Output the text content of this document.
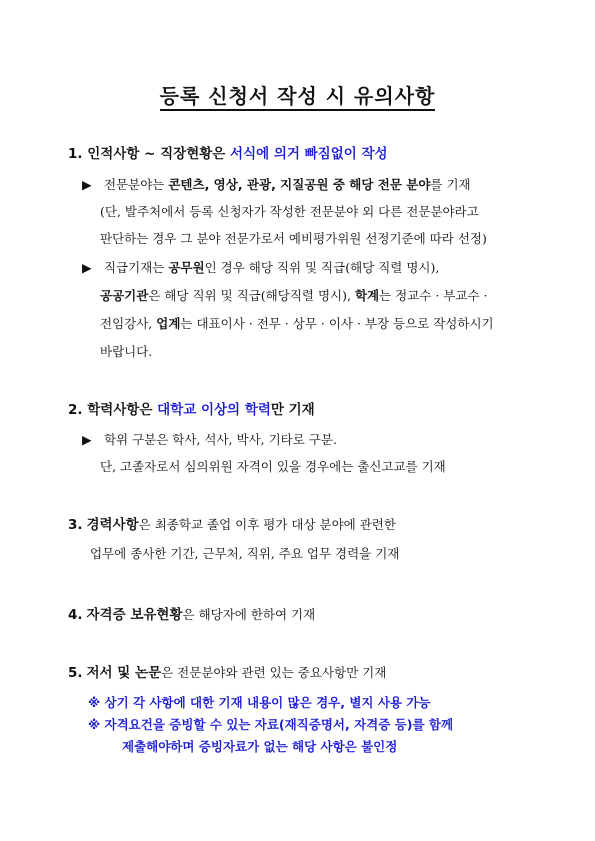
등록 신청서 작성 시 유의사항
1. 인적사항 ~ 직장현황은 서식에 의거 빠짐없이 작성
▶ 전문분야는 콘텐츠, 영상, 관광, 지질공원 중 해당 전문 분야를 기재
(단, 발주처에서 등록 신청자가 작성한 전문분야 외 다른 전문분야라고
판단하는 경우 그 분야 전문가로서 예비평가위원 선정기준에 따라 선정)
▶ 직급기재는 공무원인 경우 해당 직위 및 직급(해당 직렬 명시),
공공기관은 해당 직위 및 직급(해당직렬 명시), 학계는 정교수 · 부교수 ·
전임강사, 업계는 대표이사 · 전무 · 상무 · 이사 · 부장 등으로 작성하시기
바랍니다.
2. 학력사항은 대학교 이상의 학력만 기재
▶ 학위 구분은 학사, 석사, 박사, 기타로 구분.
단, 고졸자로서 심의위원 자격이 있을 경우에는 출신고교를 기재
3. 경력사항은 최종학교 졸업 이후 평가 대상 분야에 관련한
업무에 종사한 기간, 근무처, 직위, 주요 업무 경력을 기재
4. 자격증 보유현황은 해당자에 한하여 기재
5. 저서 및 논문은 전문분야와 관련 있는 중요사항만 기재
※ 상기 각 사항에 대한 기재 내용이 많은 경우, 별지 사용 가능
※ 자격요건을 증빙할 수 있는 자료(재직증명서, 자격증 등)를 함께
제출해야하며 증빙자료가 없는 해당 사항은 불인정
